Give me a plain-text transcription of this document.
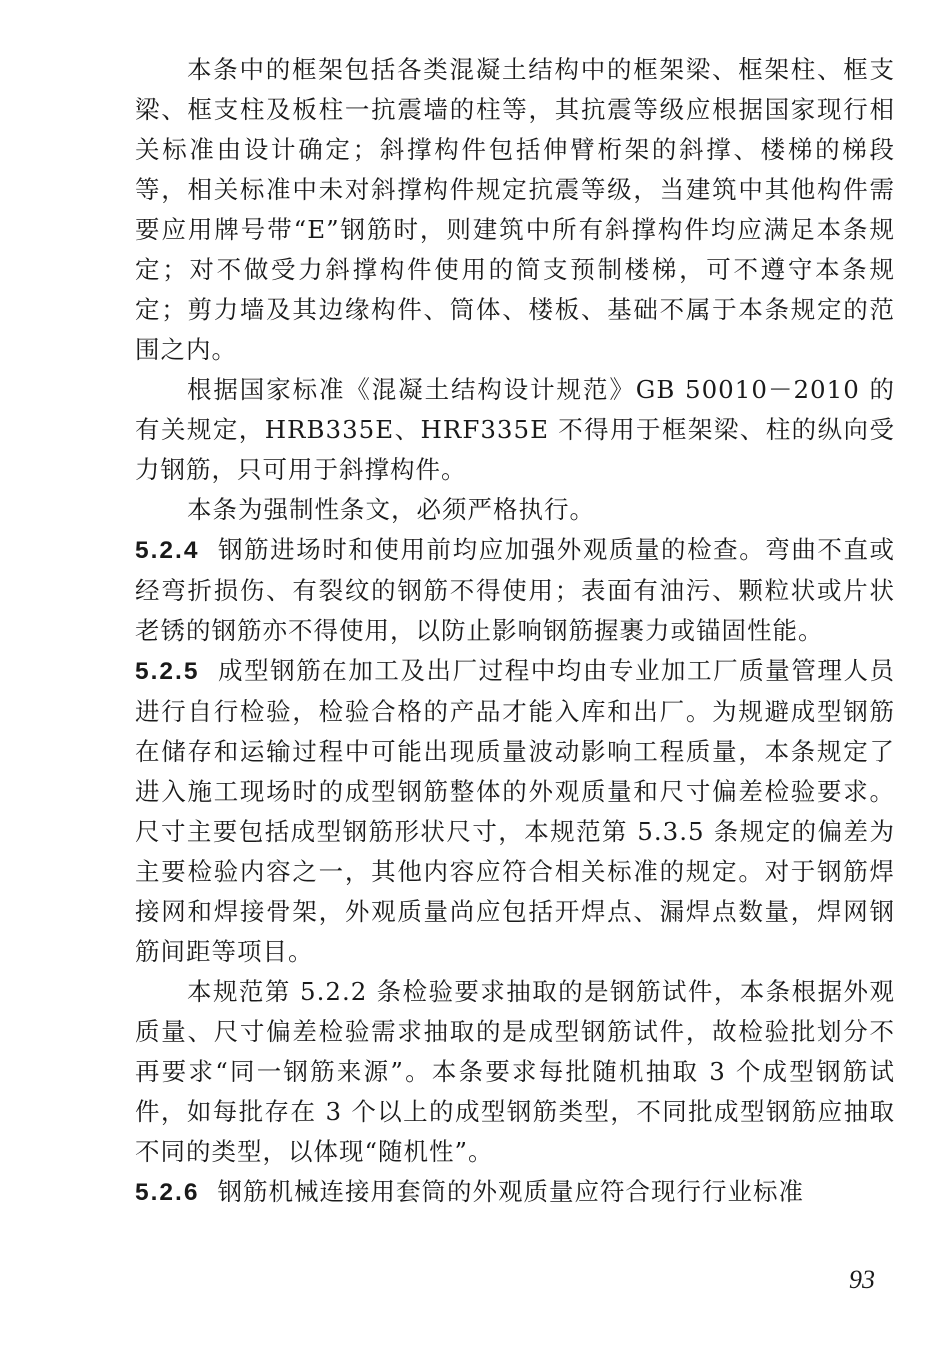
本条中的框架包括各类混凝土结构中的框架梁、框架柱、框支梁、框支柱及板柱一抗震墙的柱等，其抗震等级应根据国家现行相关标准由设计确定；斜撑构件包括伸臂桁架的斜撑、楼梯的梯段等，相关标准中未对斜撑构件规定抗震等级，当建筑中其他构件需要应用牌号带“E”钢筋时，则建筑中所有斜撑构件均应满足本条规定；对不做受力斜撑构件使用的简支预制楼梯，可不遵守本条规定；剪力墙及其边缘构件、筒体、楼板、基础不属于本条规定的范围之内。

根据国家标准《混凝土结构设计规范》GB 50010－2010 的有关规定，HRB335E、HRF335E 不得用于框架梁、柱的纵向受力钢筋，只可用于斜撑构件。

本条为强制性条文，必须严格执行。

5.2.4 钢筋进场时和使用前均应加强外观质量的检查。弯曲不直或经弯折损伤、有裂纹的钢筋不得使用；表面有油污、颗粒状或片状老锈的钢筋亦不得使用，以防止影响钢筋握裹力或锚固性能。

5.2.5 成型钢筋在加工及出厂过程中均由专业加工厂质量管理人员进行自行检验，检验合格的产品才能入库和出厂。为规避成型钢筋在储存和运输过程中可能出现质量波动影响工程质量，本条规定了进入施工现场时的成型钢筋整体的外观质量和尺寸偏差检验要求。尺寸主要包括成型钢筋形状尺寸，本规范第 5.3.5 条规定的偏差为主要检验内容之一，其他内容应符合相关标准的规定。对于钢筋焊接网和焊接骨架，外观质量尚应包括开焊点、漏焊点数量，焊网钢筋间距等项目。

本规范第 5.2.2 条检验要求抽取的是钢筋试件，本条根据外观质量、尺寸偏差检验需求抽取的是成型钢筋试件，故检验批划分不再要求“同一钢筋来源”。本条要求每批随机抽取 3 个成型钢筋试件，如每批存在 3 个以上的成型钢筋类型，不同批成型钢筋应抽取不同的类型，以体现“随机性”。

5.2.6 钢筋机械连接用套筒的外观质量应符合现行行业标准

93
